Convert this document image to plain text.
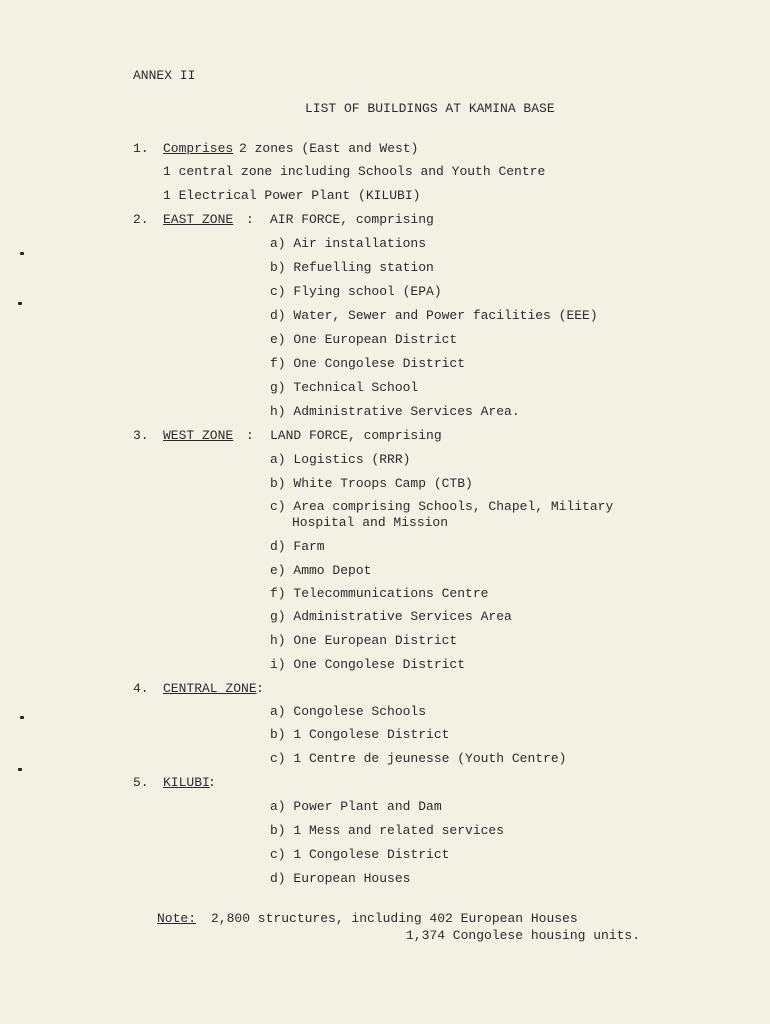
ANNEX II
LIST OF BUILDINGS AT KAMINA BASE
1. Comprises 2 zones (East and West)
1 central zone including Schools and Youth Centre
1 Electrical Power Plant (KILUBI)
2. EAST ZONE : AIR FORCE, comprising
a) Air installations
b) Refuelling station
c) Flying school (EPA)
d) Water, Sewer and Power facilities (EEE)
e) One European District
f) One Congolese District
g) Technical School
h) Administrative Services Area.
3. WEST ZONE : LAND FORCE, comprising
a) Logistics (RRR)
b) White Troops Camp (CTB)
c) Area comprising Schools, Chapel, Military
Hospital and Mission
d) Farm
e) Ammo Depot
f) Telecommunications Centre
g) Administrative Services Area
h) One European District
i) One Congolese District
4. CENTRAL ZONE :
a) Congolese Schools
b) 1 Congolese District
c) 1 Centre de jeunesse (Youth Centre)
5. KILUBI
:
a) Power Plant and Dam
b) 1 Mess and related services
c) 1 Congolese District
d) European Houses
Note: 2,800 structures, including 402 European Houses
1,374 Congolese housing units.
